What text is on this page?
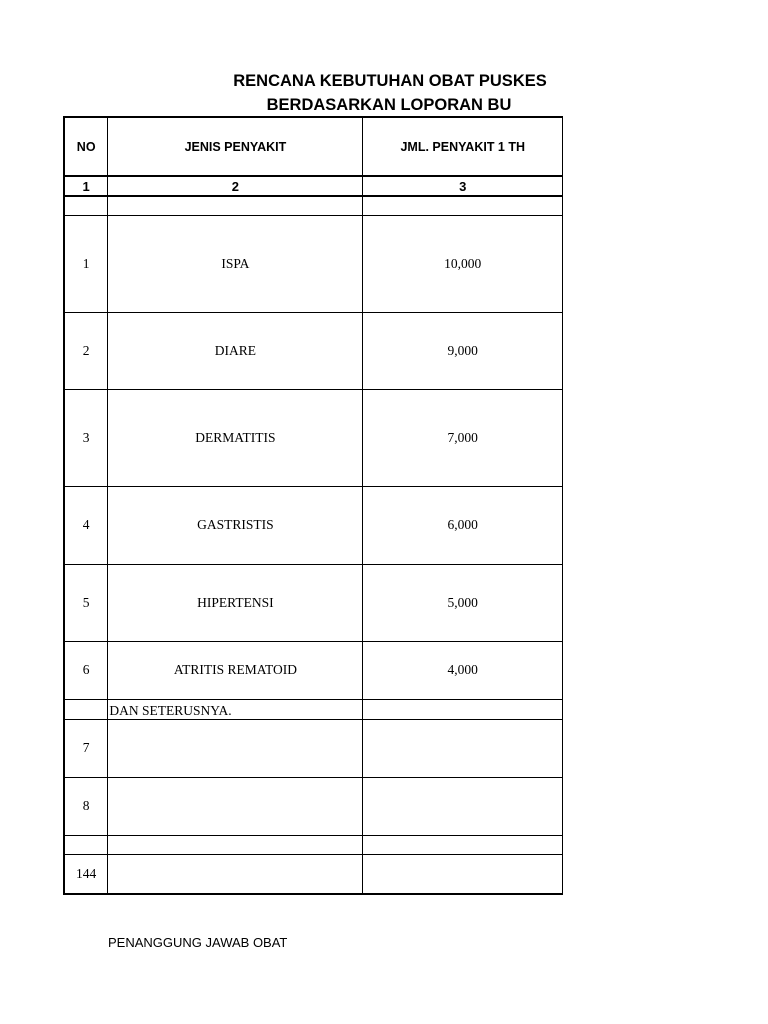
RENCANA KEBUTUHAN OBAT PUSKES
BERDASARKAN LOPORAN BU
NO	JENIS PENYAKIT	JML. PENYAKIT 1 TH
1	2	3

1	ISPA	10,000
2	DIARE	9,000
3	DERMATITIS	7,000
4	GASTRISTIS	6,000
5	HIPERTENSI	5,000
6	ATRITIS REMATOID	4,000
	DAN SETERUSNYA.	
7		
8		

144		
PENANGGUNG JAWAB OBAT
